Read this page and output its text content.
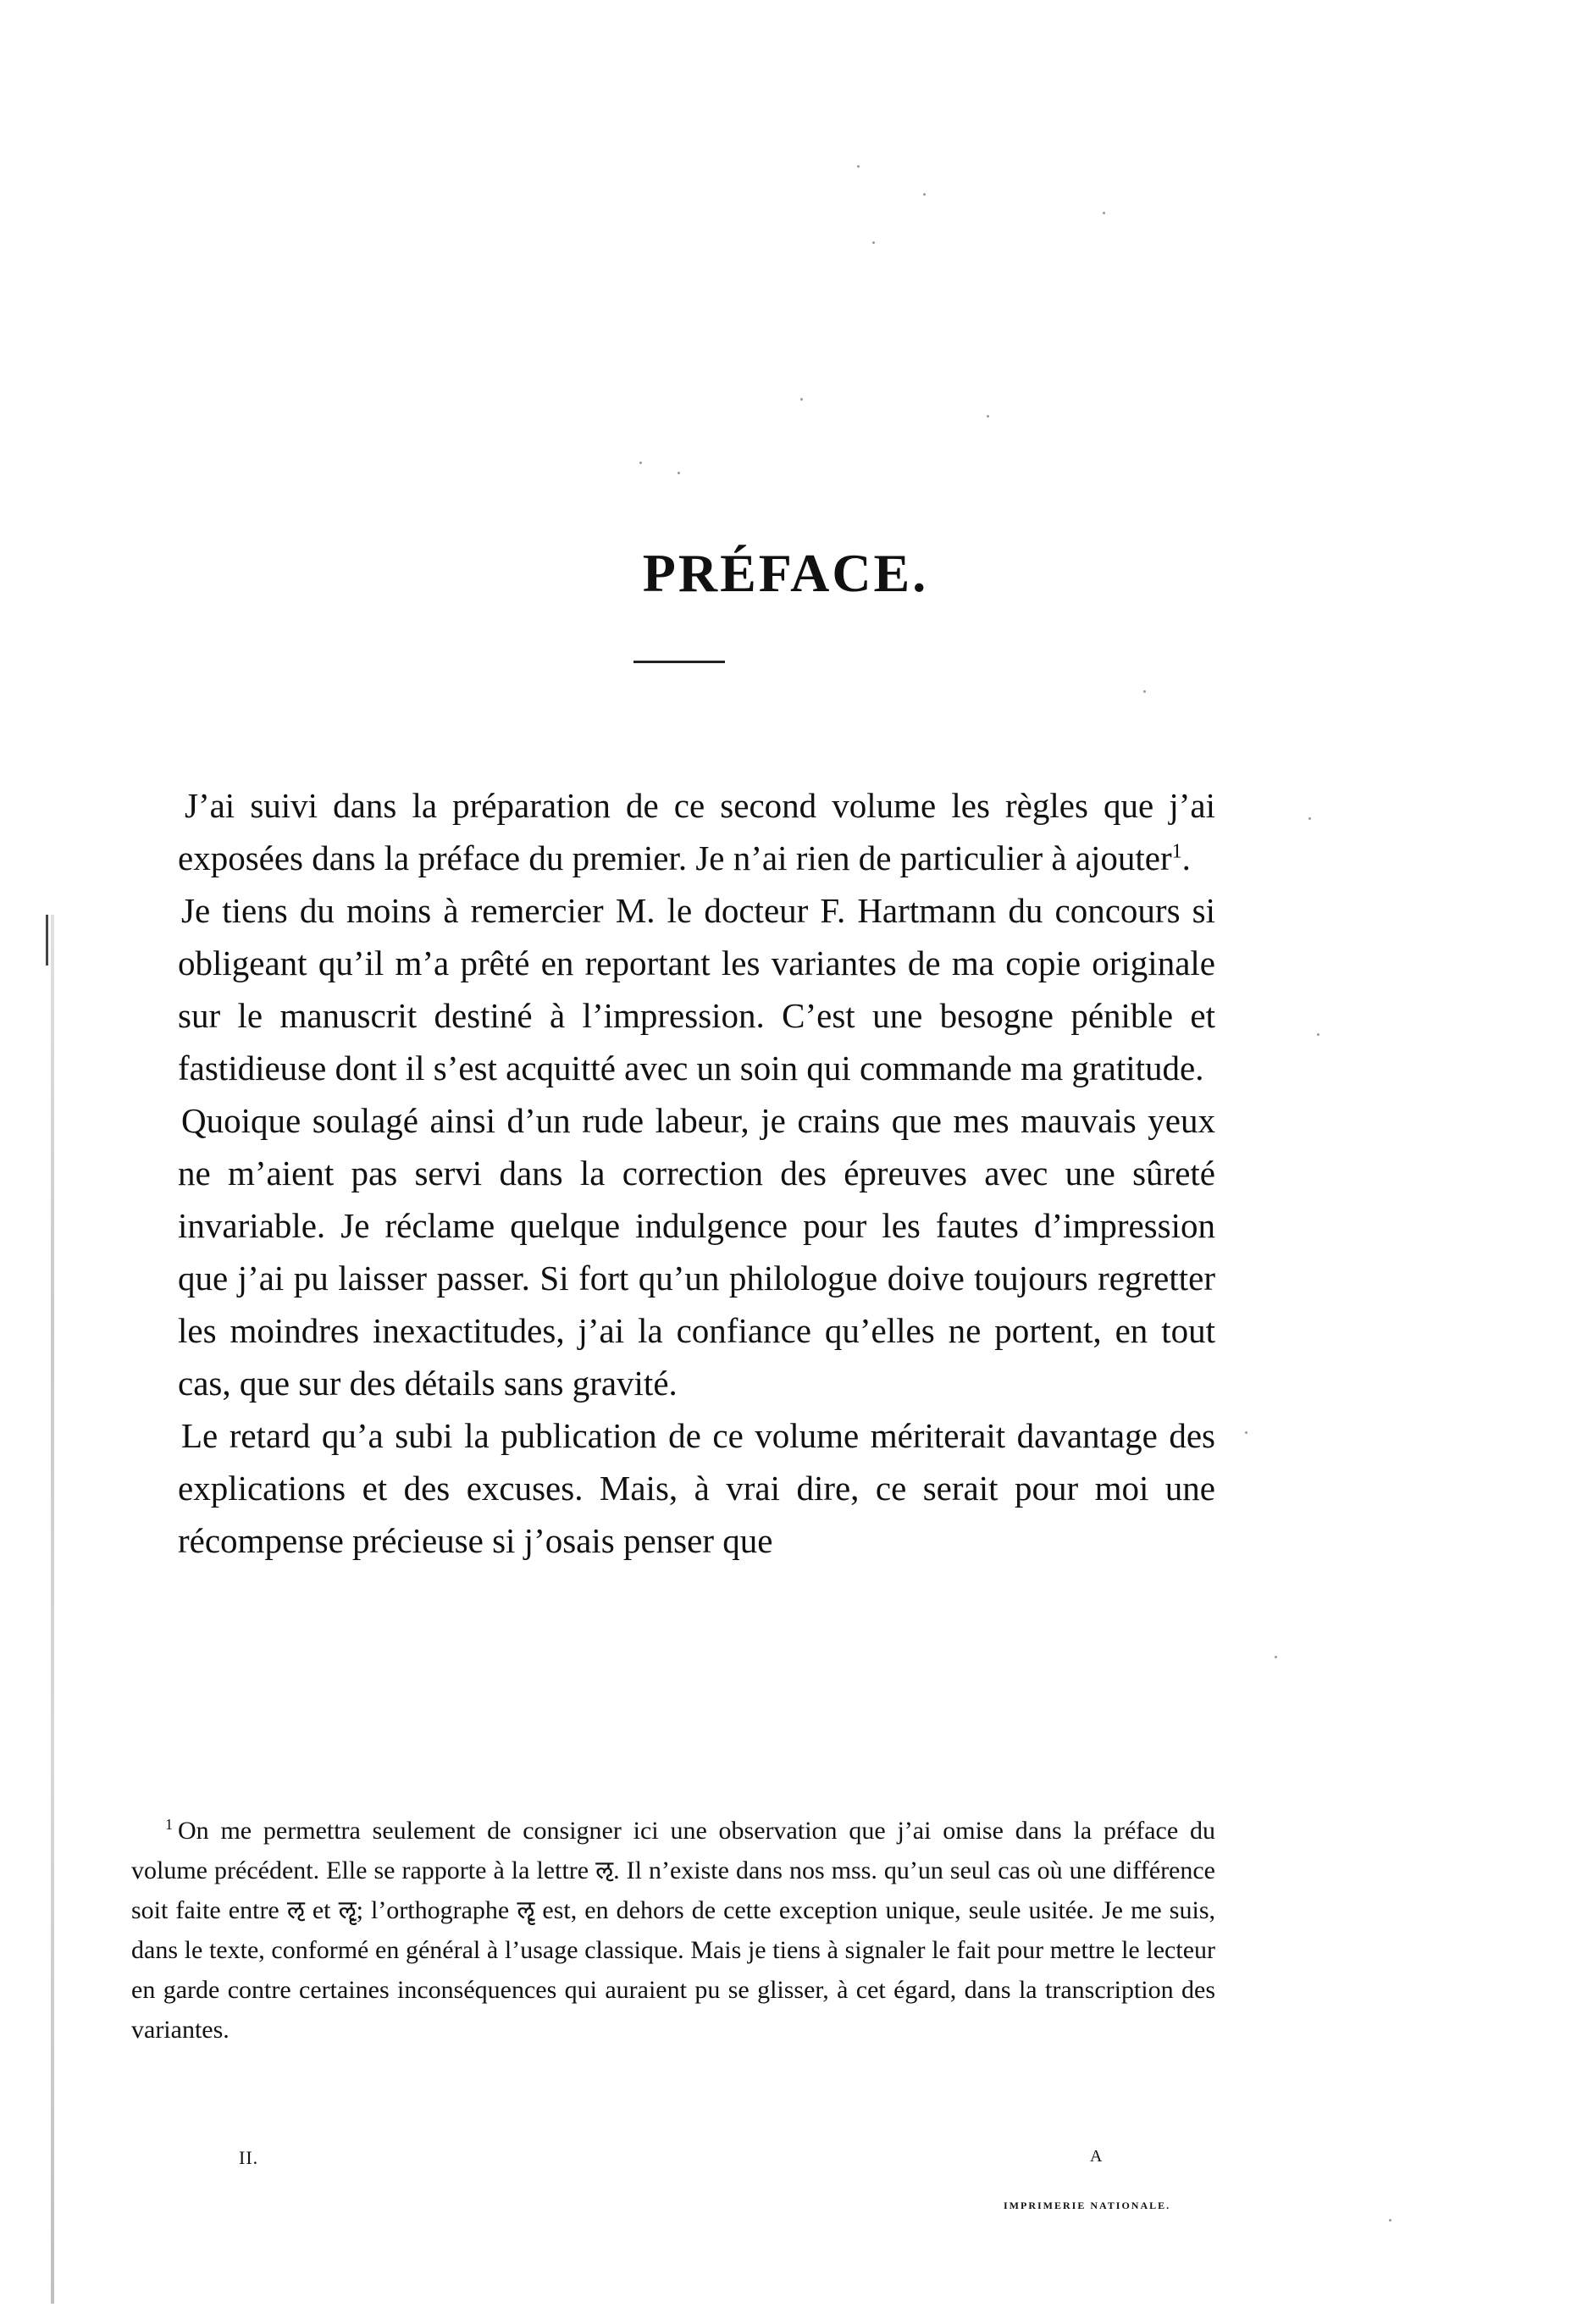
PRÉFACE.

J’ai suivi dans la préparation de ce second volume les règles que j’ai exposées dans la préface du premier. Je n’ai rien de particulier à ajouter$^1$.

Je tiens du moins à remercier M. le docteur F. Hartmann du concours si obligeant qu’il m’a prêté en reportant les variantes de ma copie originale sur le manuscrit destiné à l’impression. C’est une besogne pénible et fastidieuse dont il s’est acquitté avec un soin qui commande ma gratitude.

Quoique soulagé ainsi d’un rude labeur, je crains que mes mauvais yeux ne m’aient pas servi dans la correction des épreuves avec une sûreté invariable. Je réclame quelque indulgence pour les fautes d’impression que j’ai pu laisser passer. Si fort qu’un philologue doive toujours regretter les moindres inexactitudes, j’ai la confiance qu’elles ne portent, en tout cas, que sur des détails sans gravité.

Le retard qu’a subi la publication de ce volume mériterait davantage des explications et des excuses. Mais, à vrai dire, ce serait pour moi une récompense précieuse si j’osais penser que

$^1$ On me permettra seulement de consigner ici une observation que j’ai omise dans la préface du volume précédent. Elle se rapporte à la lettre ऌ. Il n’existe dans nos mss. qu’un seul cas où une différence soit faite entre ऌ et ऌृ; l’orthographe ऌृ est, en dehors de cette exception unique, seule usitée. Je me suis, dans le texte, conformé en général à l’usage classique. Mais je tiens à signaler le fait pour mettre le lecteur en garde contre certaines inconséquences qui auraient pu se glisser, à cet égard, dans la transcription des variantes.

II.	A
IMPRIMERIE NATIONALE.
